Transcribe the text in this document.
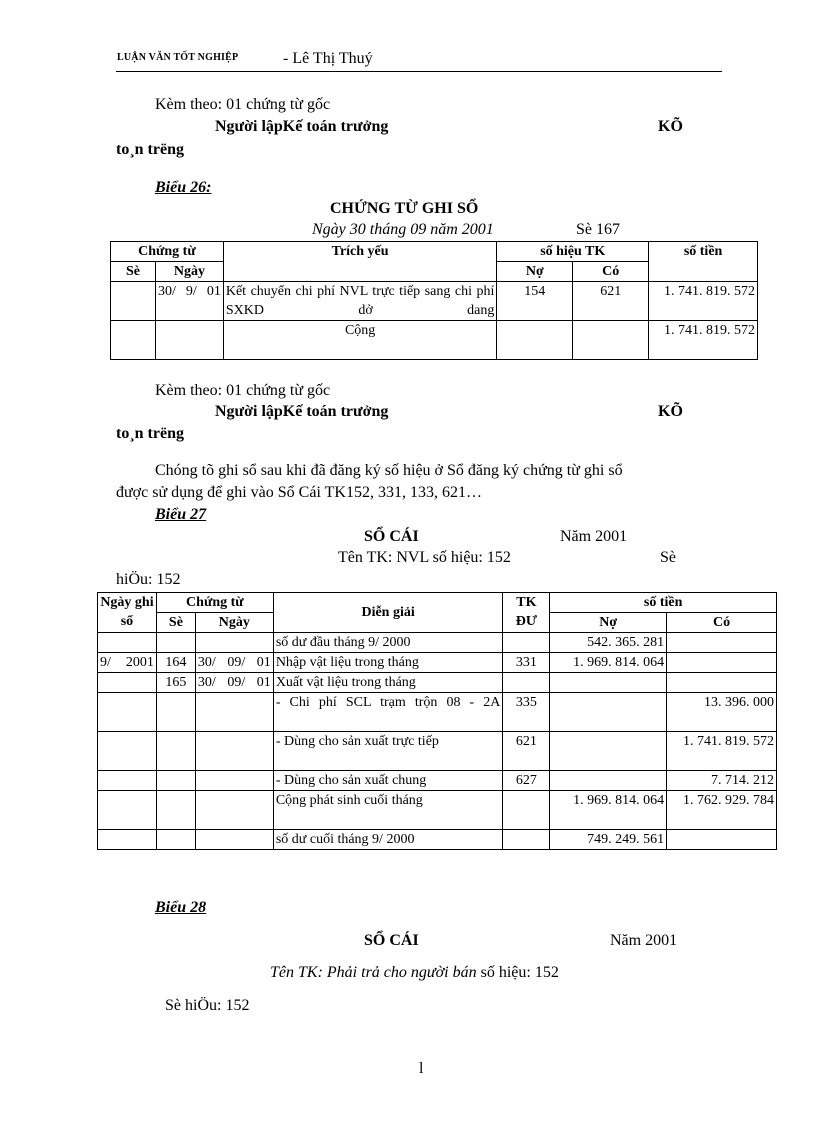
LUẬN VĂN TỐT NGHIỆP	- Lê Thị Thuý
Kèm theo: 01 chứng từ gốc
Người lậpKế toán trưởng	KÕ
to¸n trëng
Biểu 26:
CHỨNG TỪ GHI SỔ
Ngày 30 tháng 09 năm 2001	Sè 167
Chứng từ		Trích yếu	số hiệu TK		số tiền
Sè	Ngày		Nợ	Có	
	30/ 9/ 01	Kết chuyển chi phí NVL trực tiếp sang chi phí SXKD dở dang	154	621	1. 741. 819. 572
		Cộng			1. 741. 819. 572
Kèm theo: 01 chứng từ gốc
Người lậpKế toán trưởng	KÕ
to¸n trëng
Chóng tõ ghi sổ sau khi đã đăng ký số hiệu ở Sổ đăng ký chứng từ ghi sổ
được sử dụng để ghi vào Sổ Cái TK152, 331, 133, 621…
Biểu 27
SỔ CÁI	Năm 2001
Tên TK: NVL số hiệu: 152	Sè
hiÖu: 152
Ngày ghi sổ	Chứng từ		Diễn giải	TK ĐƯ	số tiền	
	Sè	Ngày			Nợ	Có
			số dư đầu tháng 9/ 2000		542. 365. 281	
9/ 2001	164	30/ 09/ 01	Nhập vật liệu trong tháng	331	1. 969. 814. 064	
	165	30/ 09/ 01	Xuất vật liệu trong tháng			
			- Chi phí SCL trạm trộn 08 - 2A	335		13. 396. 000
			- Dùng cho sản xuất trực tiếp	621		1. 741. 819. 572
			- Dùng cho sản xuất chung	627		7. 714. 212
			Cộng phát sinh cuối tháng		1. 969. 814. 064	1. 762. 929. 784
			số dư cuối tháng 9/ 2000		749. 249. 561	
Biểu 28
SỔ CÁI	Năm 2001
Tên TK: Phải trả cho người bán số hiệu: 152
Sè hiÖu: 152
l
